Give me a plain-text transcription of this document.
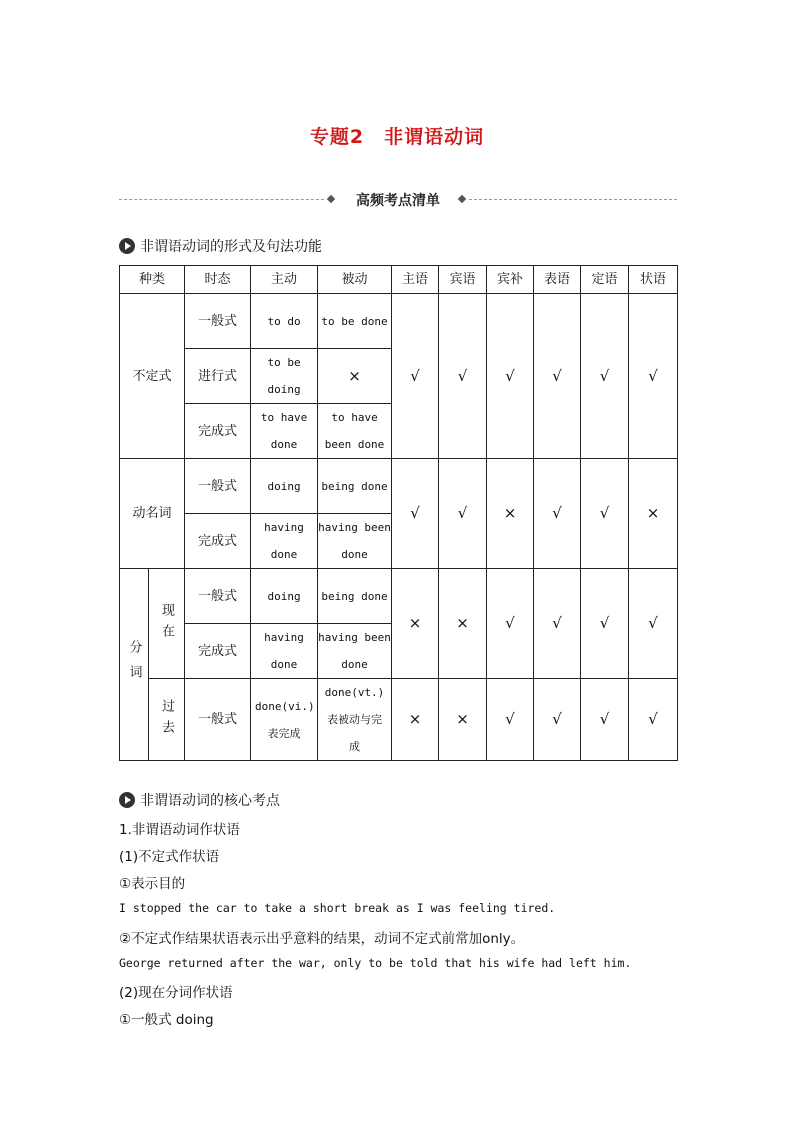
专题2　非谓语动词
高频考点清单
非谓语动词的形式及句法功能
种类		时态	主动	被动	主语	宾语	宾补	表语	定语	状语
不定式		一般式	to do	to be done	√	√	√	√	√	√
		进行式	to be doing	×						
		完成式	to have done	to have been done						
动名词		一般式	doing	being done	√	√	×	√	√	×
		完成式	having done	having been done						
分词	现在	一般式	doing	being done	×	×	√	√	√	√
		完成式	having done	having been done						
	过去	一般式	done(vi.)表完成	done(vt.)表被动与完成	×	×	√	√	√	√
非谓语动词的核心考点
1.非谓语动词作状语
(1)不定式作状语
①表示目的
I stopped the car to take a short break as I was feeling tired.
②不定式作结果状语表示出乎意料的结果，动词不定式前常加only。
George returned after the war, only to be told that his wife had left him.
(2)现在分词作状语
①一般式 doing
